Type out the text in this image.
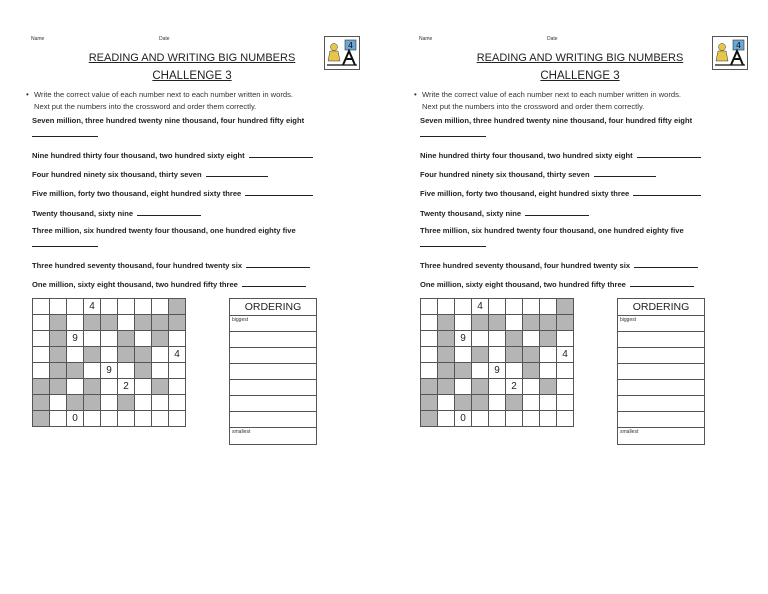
Name	Date
READING AND WRITING BIG NUMBERS
CHALLENGE 3
4
• Write the correct value of each number next to each number written in words.
Next put the numbers into the crossword and order them correctly.
Seven million, three hundred twenty nine thousand, four hundred fifty eight
Nine hundred thirty four thousand, two hundred sixty eight
Four hundred ninety six thousand, thirty seven
Five million, forty two thousand, eight hundred sixty three
Twenty thousand, sixty nine
Three million, six hundred twenty four thousand, one hundred eighty five
Three hundred seventy thousand, four hundred twenty six
One million, sixty eight thousand, two hundred fifty three
			4					

		9						
								4
				9				
					2			

		0						
ORDERING
biggest
smallest
Name	Date
READING AND WRITING BIG NUMBERS
CHALLENGE 3
4
• Write the correct value of each number next to each number written in words.
Next put the numbers into the crossword and order them correctly.
Seven million, three hundred twenty nine thousand, four hundred fifty eight
Nine hundred thirty four thousand, two hundred sixty eight
Four hundred ninety six thousand, thirty seven
Five million, forty two thousand, eight hundred sixty three
Twenty thousand, sixty nine
Three million, six hundred twenty four thousand, one hundred eighty five
Three hundred seventy thousand, four hundred twenty six
One million, sixty eight thousand, two hundred fifty three
			4					

		9						
								4
				9				
					2			

		0						
ORDERING
biggest
smallest
